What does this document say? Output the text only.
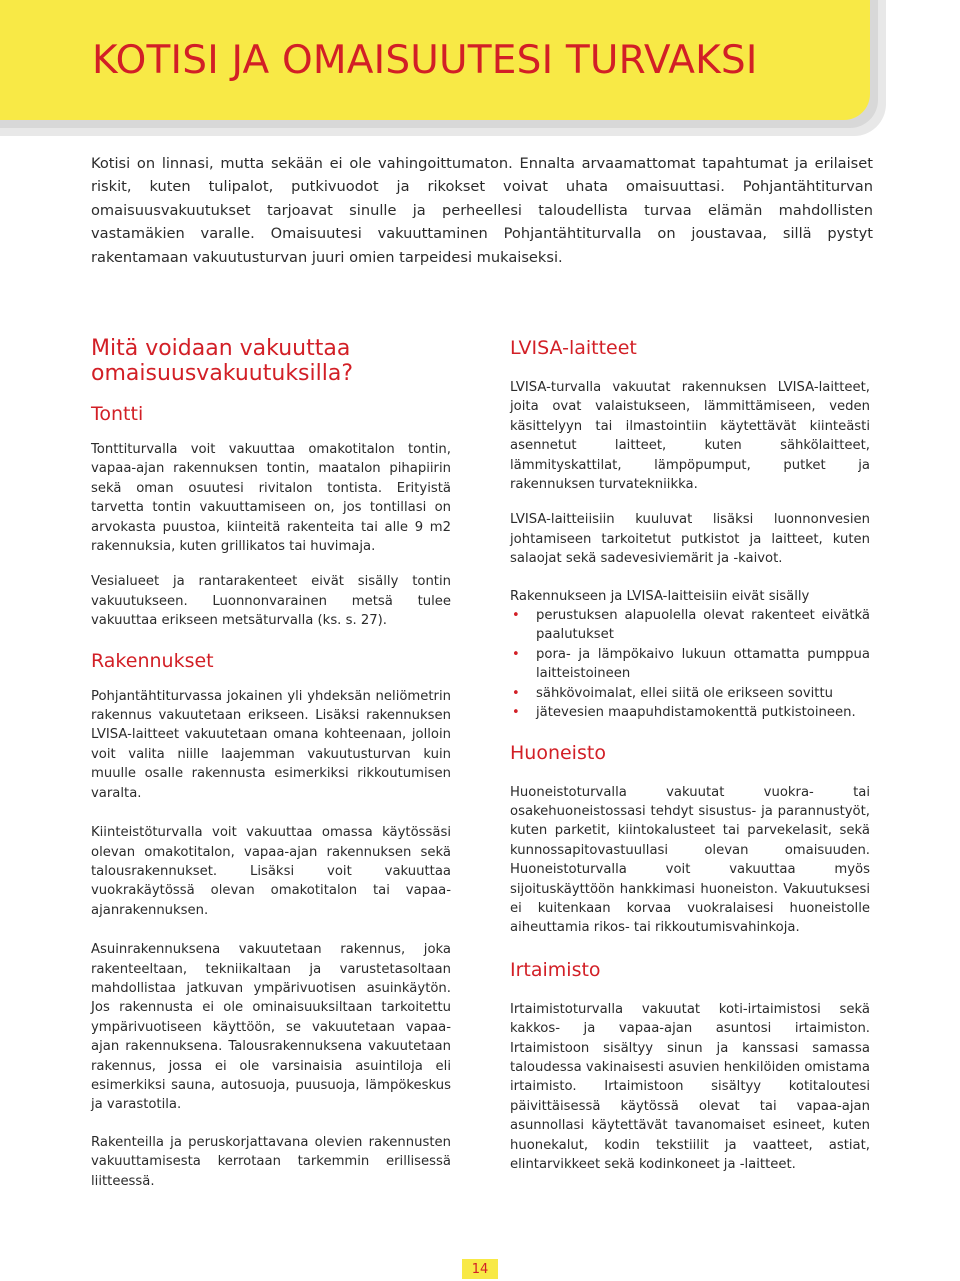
KOTISI JA OMAISUUTESI TURVAKSI

Kotisi on linnasi, mutta sekään ei ole vahingoittumaton. Ennalta arvaamattomat tapahtumat ja erilaiset riskit, kuten tulipalot, putkivuodot ja rikokset voivat uhata omaisuuttasi. Pohjantähtiturvan omaisuusvakuutukset tarjoavat sinulle ja perheellesi taloudellista turvaa elämän mahdollisten vastamäkien varalle. Omaisuutesi vakuuttaminen Pohjantähtiturvalla on joustavaa, sillä pystyt rakentamaan vakuutusturvan juuri omien tarpeidesi mukaiseksi.

Mitä voidaan vakuuttaa omaisuusvakuutuksilla?
Tontti

Tonttiturvalla voit vakuuttaa omakotitalon tontin, vapaa-ajan rakennuksen tontin, maatalon pihapiirin sekä oman osuutesi rivitalon tontista. Erityistä tarvetta tontin vakuuttamiseen on, jos tontillasi on arvokasta puustoa, kiinteitä rakenteita tai alle 9 m2 rakennuksia, kuten grillikatos tai huvimaja.

Vesialueet ja rantarakenteet eivät sisälly tontin vakuutukseen. Luonnonvarainen metsä tulee vakuuttaa erikseen metsäturvalla (ks. s. 27).

Rakennukset

Pohjantähtiturvassa jokainen yli yhdeksän neliömetrin rakennus vakuutetaan erikseen. Lisäksi rakennuksen LVISA-laitteet vakuutetaan omana kohteenaan, jolloin voit valita niille laajemman vakuutusturvan kuin muulle osalle rakennusta esimerkiksi rikkoutumisen varalta.

Kiinteistöturvalla voit vakuuttaa omassa käytössäsi olevan omakotitalon, vapaa-ajan rakennuksen sekä talousrakennukset. Lisäksi voit vakuuttaa vuokrakäytössä olevan omakotitalon tai vapaa-ajanrakennuksen.

Asuinrakennuksena vakuutetaan rakennus, joka rakenteeltaan, tekniikaltaan ja varustetasoltaan mahdollistaa jatkuvan ympärivuotisen asuinkäytön. Jos rakennusta ei ole ominaisuuksiltaan tarkoitettu ympärivuotiseen käyttöön, se vakuutetaan vapaa-ajan rakennuksena. Talousrakennuksena vakuutetaan rakennus, jossa ei ole varsinaisia asuintiloja eli esimerkiksi sauna, autosuoja, puusuoja, lämpökeskus ja varastotila.

Rakenteilla ja peruskorjattavana olevien rakennusten vakuuttamisesta kerrotaan tarkemmin erillisessä liitteessä.

LVISA-laitteet

LVISA-turvalla vakuutat rakennuksen LVISA-laitteet, joita ovat valaistukseen, lämmittämiseen, veden käsittelyyn tai ilmastointiin käytettävät kiinteästi asennetut laitteet, kuten sähkölaitteet, lämmityskattilat, lämpöpumput, putket ja rakennuksen turvatekniikka.

LVISA-laitteiisiin kuuluvat lisäksi luonnonvesien johtamiseen tarkoitetut putkistot ja laitteet, kuten salaojat sekä sadevesiviemärit ja -kaivot.

Rakennukseen ja LVISA-laitteisiin eivät sisälly

• perustuksen alapuolella olevat rakenteet eivätkä paalutukset
• pora- ja lämpökaivo lukuun ottamatta pumppua laitteistoineen
• sähkövoimalat, ellei siitä ole erikseen sovittu
• jätevesien maapuhdistamokenttä putkistoineen.
Huoneisto

Huoneistoturvalla vakuutat vuokra- tai osakehuoneistossasi tehdyt sisustus- ja parannustyöt, kuten parketit, kiintokalusteet tai parvekelasit, sekä kunnossapitovastuullasi olevan omaisuuden. Huoneistoturvalla voit vakuuttaa myös sijoituskäyttöön hankkimasi huoneiston. Vakuutuksesi ei kuitenkaan korvaa vuokralaisesi huoneistolle aiheuttamia rikos- tai rikkoutumisvahinkoja.

Irtaimisto

Irtaimistoturvalla vakuutat koti-irtaimistosi sekä kakkos- ja vapaa-ajan asuntosi irtaimiston. Irtaimistoon sisältyy sinun ja kanssasi samassa taloudessa vakinaisesti asuvien henkilöiden omistama irtaimisto. Irtaimistoon sisältyy kotitaloutesi päivittäisessä käytössä olevat tai vapaa-ajan asunnollasi käytettävät tavanomaiset esineet, kuten huonekalut, kodin tekstiilit ja vaatteet, astiat, elintarvikkeet sekä kodinkoneet ja -laitteet.

14
